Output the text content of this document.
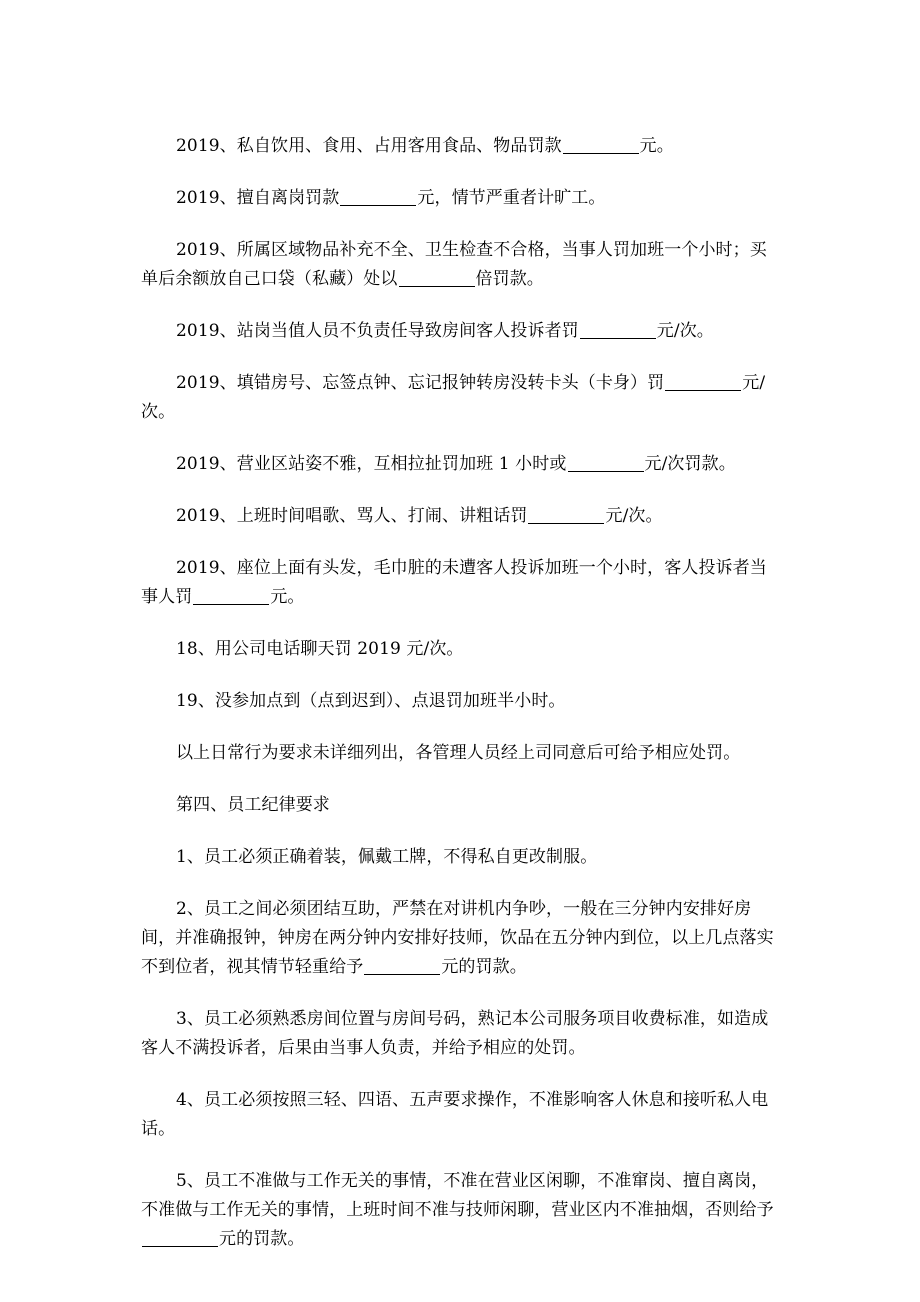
2019、私自饮用、食用、占用客用食品、物品罚款	元。

2019、擅自离岗罚款	元，情节严重者计旷工。

2019、所属区域物品补充不全、卫生检查不合格，当事人罚加班一个小时；买单后余额放自己口袋（私藏）处以	倍罚款。

2019、站岗当值人员不负责任导致房间客人投诉者罚	元/次。

2019、填错房号、忘签点钟、忘记报钟转房没转卡头（卡身）罚	元/次。

2019、营业区站姿不雅，互相拉扯罚加班 1 小时或	元/次罚款。

2019、上班时间唱歌、骂人、打闹、讲粗话罚	元/次。

2019、座位上面有头发，毛巾脏的未遭客人投诉加班一个小时，客人投诉者当事人罚	元。

18、用公司电话聊天罚 2019 元/次。

19、没参加点到（点到迟到）、点退罚加班半小时。

以上日常行为要求未详细列出，各管理人员经上司同意后可给予相应处罚。

第四、员工纪律要求

1、员工必须正确着装，佩戴工牌，不得私自更改制服。

2、员工之间必须团结互助，严禁在对讲机内争吵，一般在三分钟内安排好房间，并准确报钟，钟房在两分钟内安排好技师，饮品在五分钟内到位，以上几点落实不到位者，视其情节轻重给予	元的罚款。

3、员工必须熟悉房间位置与房间号码，熟记本公司服务项目收费标准，如造成客人不满投诉者，后果由当事人负责，并给予相应的处罚。

4、员工必须按照三轻、四语、五声要求操作，不准影响客人休息和接听私人电话。

5、员工不准做与工作无关的事情，不准在营业区闲聊，不准窜岗、擅自离岗，不准做与工作无关的事情，上班时间不准与技师闲聊，营业区内不准抽烟，否则给予元的罚款。
